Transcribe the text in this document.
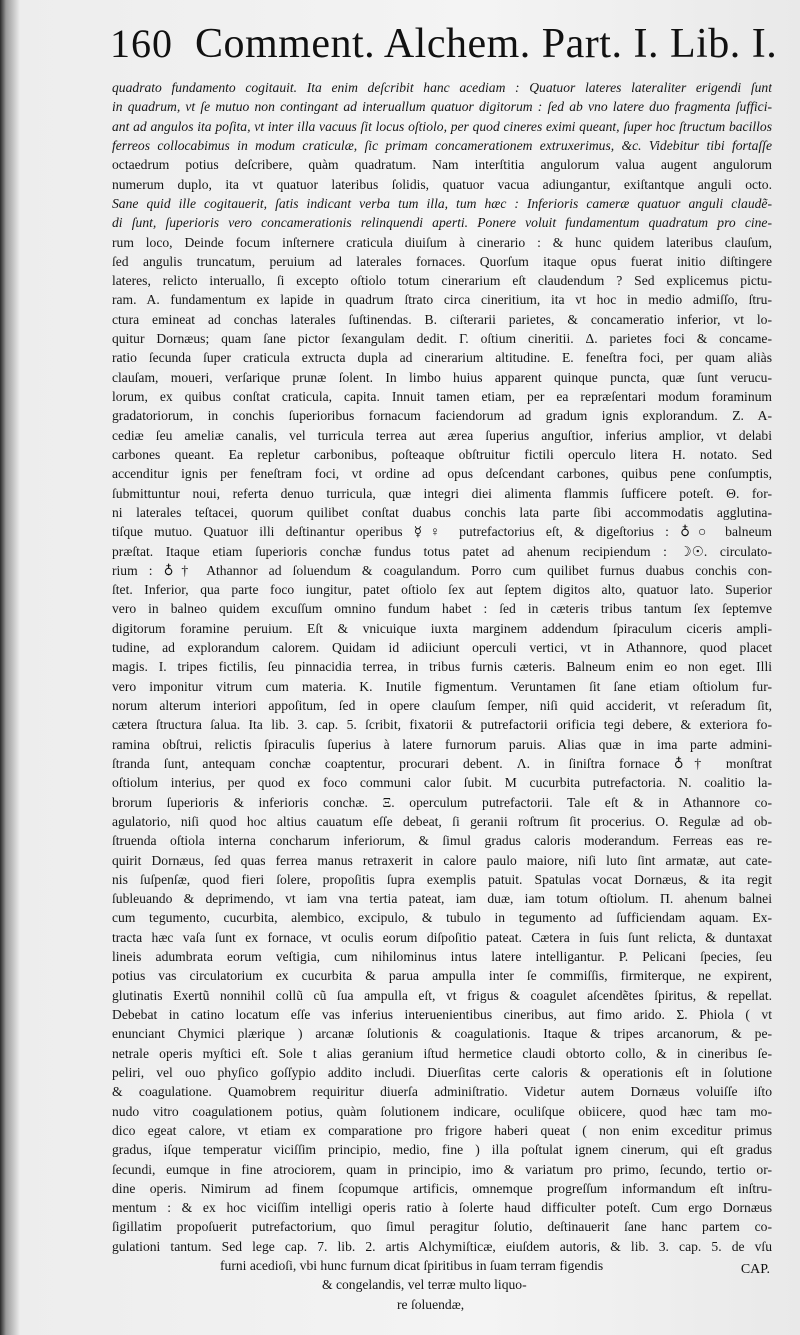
160 Comment. Alchem. Part. I. Lib. I.
quadrato fundamento cogitauit. Ita enim deſcribit hanc acediam : Quatuor lateres lateraliter erigendi ſunt
in quadrum, vt ſe mutuo non contingant ad interuallum quatuor digitorum : ſed ab vno latere duo fragmenta ſuffici-
ant ad angulos ita poſita, vt inter illa vacuus ſit locus oſtiolo, per quod cineres eximi queant, ſuper hoc ſtructum bacillos
ferreos collocabimus in modum craticulæ, ſic primam concamerationem extruxerimus, &c. Videbitur tibi fortaſſe
octaedrum potius deſcribere, quàm quadratum. Nam interſtitia angulorum valua augent angulorum
numerum duplo, ita vt quatuor lateribus ſolidis, quatuor vacua adiungantur, exiſtantque anguli octo.
Sane quid ille cogitauerit, ſatis indicant verba tum illa, tum hæc : Inferioris cameræ quatuor anguli claudẽ-
di ſunt, ſuperioris vero concamerationis relinquendi aperti. Ponere voluit fundamentum quadratum pro cine-
rum loco, Deinde focum inſternere craticula diuiſum à cinerario : & hunc quidem lateribus clauſum,
ſed angulis truncatum, peruium ad laterales fornaces. Quorſum itaque opus fuerat initio diſtingere
lateres, relicto interuallo, ſi excepto oſtiolo totum cinerarium eſt claudendum ? Sed explicemus pictu-
ram. A. fundamentum ex lapide in quadrum ſtrato circa cineritium, ita vt hoc in medio admiſſo, ſtru-
ctura emineat ad conchas laterales ſuſtinendas. B. ciſterarii parietes, & concameratio inferior, vt lo-
quitur Dornæus; quam ſane pictor ſexangulam dedit. Γ. oſtium cineritii. Δ. parietes foci & concame-
ratio ſecunda ſuper craticula extructa dupla ad cinerarium altitudine. E. feneſtra foci, per quam aliàs
clauſam, moueri, verſarique prunæ ſolent. In limbo huius apparent quinque puncta, quæ ſunt verucu-
lorum, ex quibus conſtat craticula, capita. Innuit tamen etiam, per ea repræſentari modum foraminum
gradatoriorum, in conchis ſuperioribus fornacum faciendorum ad gradum ignis explorandum. Z. A-
cediæ ſeu ameliæ canalis, vel turricula terrea aut ærea ſuperius anguſtior, inferius amplior, vt delabi
carbones queant. Ea repletur carbonibus, poſteaque obſtruitur fictili operculo litera H. notato. Sed
accenditur ignis per feneſtram foci, vt ordine ad opus deſcendant carbones, quibus pene conſumptis,
ſubmittuntur noui, referta denuo turricula, quæ integri diei alimenta flammis ſufficere poteſt. Θ. for-
ni laterales teſtacei, quorum quilibet conſtat duabus conchis lata parte ſibi accommodatis agglutina-
tiſque mutuo. Quatuor illi deſtinantur operibus ☿♀ putrefactorius eſt, & digeſtorius : ♁○ balneum
præſtat. Itaque etiam ſuperioris conchæ fundus totus patet ad ahenum recipiendum : ☽☉. circulato-
rium : ♁† Athannor ad ſoluendum & coagulandum. Porro cum quilibet furnus duabus conchis con-
ſtet. Inferior, qua parte foco iungitur, patet oſtiolo ſex aut ſeptem digitos alto, quatuor lato. Superior
vero in balneo quidem excuſſum omnino fundum habet : ſed in cæteris tribus tantum ſex ſeptemve
digitorum foramine peruium. Eſt & vnicuique iuxta marginem addendum ſpiraculum ciceris ampli-
tudine, ad explorandum calorem. Quidam id adiiciunt operculi vertici, vt in Athannore, quod placet
magis. I. tripes fictilis, ſeu pinnacidia terrea, in tribus furnis cæteris. Balneum enim eo non eget. Illi
vero imponitur vitrum cum materia. K. Inutile figmentum. Veruntamen ſit ſane etiam oſtiolum fur-
norum alterum interiori appoſitum, ſed in opere clauſum ſemper, niſi quid acciderit, vt reſeradum ſit,
cætera ſtructura ſalua. Ita lib. 3. cap. 5. ſcribit, fixatorii & putrefactorii orificia tegi debere, & exteriora fo-
ramina obſtrui, relictis ſpiraculis ſuperius à latere furnorum paruis. Alias quæ in ima parte admini-
ſtranda ſunt, antequam conchæ coaptentur, procurari debent. Λ. in ſiniſtra fornace ♁† monſtrat
oſtiolum interius, per quod ex foco communi calor ſubit. M cucurbita putrefactoria. N. coalitio la-
brorum ſuperioris & inferioris conchæ. Ξ. operculum putrefactorii. Tale eſt & in Athannore co-
agulatorio, niſi quod hoc altius cauatum eſſe debeat, ſi geranii roſtrum ſit procerius. O. Regulæ ad ob-
ſtruenda oſtiola interna concharum inferiorum, & ſimul gradus caloris moderandum. Ferreas eas re-
quirit Dornæus, ſed quas ferrea manus retraxerit in calore paulo maiore, niſi luto ſint armatæ, aut cate-
nis ſuſpenſæ, quod fieri ſolere, propoſitis ſupra exemplis patuit. Spatulas vocat Dornæus, & ita regit
ſubleuando & deprimendo, vt iam vna tertia pateat, iam duæ, iam totum oſtiolum. Π. ahenum balnei
cum tegumento, cucurbita, alembico, excipulo, & tubulo in tegumento ad ſufficiendam aquam. Ex-
tracta hæc vaſa ſunt ex fornace, vt oculis eorum diſpoſitio pateat. Cætera in ſuis ſunt relicta, & duntaxat
lineis adumbrata eorum veſtigia, cum nihilominus intus latere intelligantur. P. Pelicani ſpecies, ſeu
potius vas circulatorium ex cucurbita & parua ampulla inter ſe commiſſis, firmiterque, ne expirent,
glutinatis Exertũ nonnihil collũ cũ ſua ampulla eſt, vt frigus & coagulet aſcendẽtes ſpiritus, & repellat.
Debebat in catino locatum eſſe vas inferius interuenientibus cineribus, aut fimo arido. Σ. Phiola ( vt
enunciant Chymici plærique ) arcanæ ſolutionis & coagulationis. Itaque & tripes arcanorum, & pe-
netrale operis myſtici eſt. Sole t alias geranium iſtud hermetice claudi obtorto collo, & in cineribus ſe-
peliri, vel ouo phyſico goſſypio addito includi. Diuerſitas certe caloris & operationis eſt in ſolutione
& coagulatione. Quamobrem requiritur diuerſa adminiſtratio. Videtur autem Dornæus voluiſſe iſto
nudo vitro coagulationem potius, quàm ſolutionem indicare, oculiſque obiicere, quod hæc tam mo-
dico egeat calore, vt etiam ex comparatione pro frigore haberi queat ( non enim exceditur primus
gradus, iſque temperatur viciſſim principio, medio, fine ) illa poſtulat ignem cinerum, qui eſt gradus
ſecundi, eumque in fine atrociorem, quam in principio, imo & variatum pro primo, ſecundo, tertio or-
dine operis. Nimirum ad finem ſcopumque artificis, omnemque progreſſum informandum eſt inſtru-
mentum : & ex hoc viciſſim intelligi operis ratio à ſolerte haud difficulter poteſt. Cum ergo Dornæus
ſigillatim propoſuerit putrefactorium, quo ſimul peragitur ſolutio, deſtinauerit ſane hanc partem co-
gulationi tantum. Sed lege cap. 7. lib. 2. artis Alchymiſticæ, eiuſdem autoris, & lib. 3. cap. 5. de vſu
furni acedioſi, vbi hunc furnum dicat ſpiritibus in ſuam terram figendis
& congelandis, vel terræ multo liquo-
re ſoluendæ,
CAP.
